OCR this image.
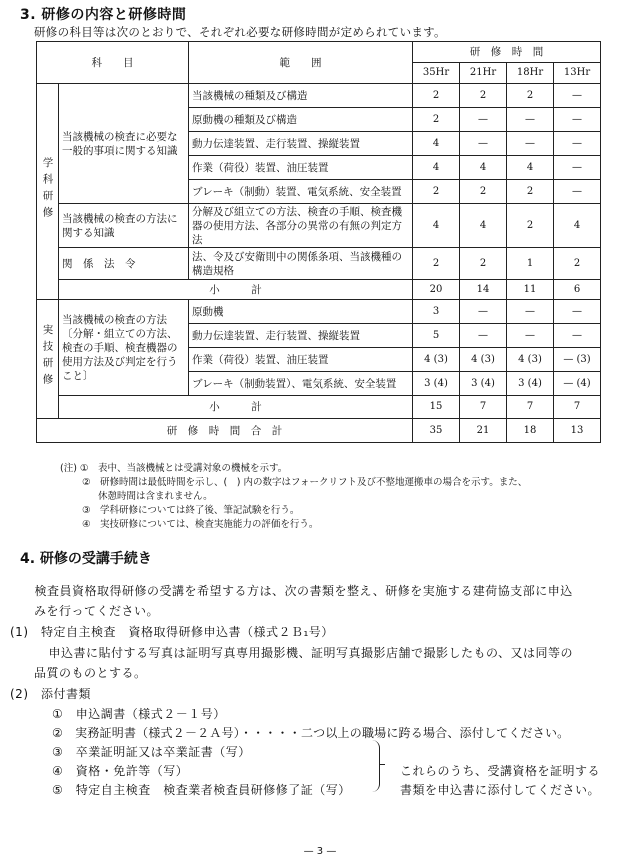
3. 研修の内容と研修時間
研修の科目等は次のとおりで、それぞれ必要な研修時間が定められています。
科　　目		範　　囲	研　修　時　間			
			35Hr	21Hr	18Hr	13Hr
学科研修	当該機械の検査に必要な一般的事項に関する知識	当該機械の種類及び構造	2	2	2	—
		原動機の種類及び構造	2	—	—	—
		動力伝達装置、走行装置、操縦装置	4	—	—	—
		作業（荷役）装置、油圧装置	4	4	4	—
		ブレーキ（制動）装置、電気系統、安全装置	2	2	2	—
	当該機械の検査の方法に関する知識	分解及び組立ての方法、検査の手順、検査機器の使用方法、各部分の異常の有無の判定方法	4	4	2	4
	関　係　法　令	法、令及び安衛則中の関係条項、当該機種の構造規格	2	2	1	2
	小　　　計		20	14	11	6
実技研修	当該機械の検査の方法〔分解・組立ての方法、検査の手順、検査機器の使用方法及び判定を行うこと〕	原動機	3	—	—	—
		動力伝達装置、走行装置、操縦装置	5	—	—	—
		作業（荷役）装置、油圧装置	4 (3)	4 (3)	4 (3)	— (3)
		ブレーキ（制動装置）、電気系統、安全装置	3 (4)	3 (4)	3 (4)	— (4)
	小　　　計		15	7	7	7
研　修　時　間　合　計			35	21	18	13
(注) ①　表中、当該機械とは受講対象の機械を示す。
　　 ②　研修時間は最低時間を示し、(　) 内の数字はフォークリフト及び不整地運搬車の場合を示す。また、
　　　　休憩時間は含まれません。
　　 ③　学科研修については終了後、筆記試験を行う。
　　 ④　実技研修については、検査実施能力の評価を行う。
4. 研修の受講手続き
　検査員資格取得研修の受講を希望する方は、次の書類を整え、研修を実施する建荷協支部に申込
みを行ってください。
(1)　特定自主検査　資格取得研修申込書（様式２Ｂ₁号）
　申込書に貼付する写真は証明写真専用撮影機、証明写真撮影店舗で撮影したもの、又は同等の
品質のものとする。
(2)　添付書類
①　申込調書（様式２－１号）
②　実務証明書（様式２－２Ａ号）・・・・・二つ以上の職場に跨る場合、添付してください。
③　卒業証明証又は卒業証書（写）
④　資格・免許等（写）
⑤　特定自主検査　検査業者検査員研修修了証（写）
これらのうち、受講資格を証明する
書類を申込書に添付してください。
— 3 —
